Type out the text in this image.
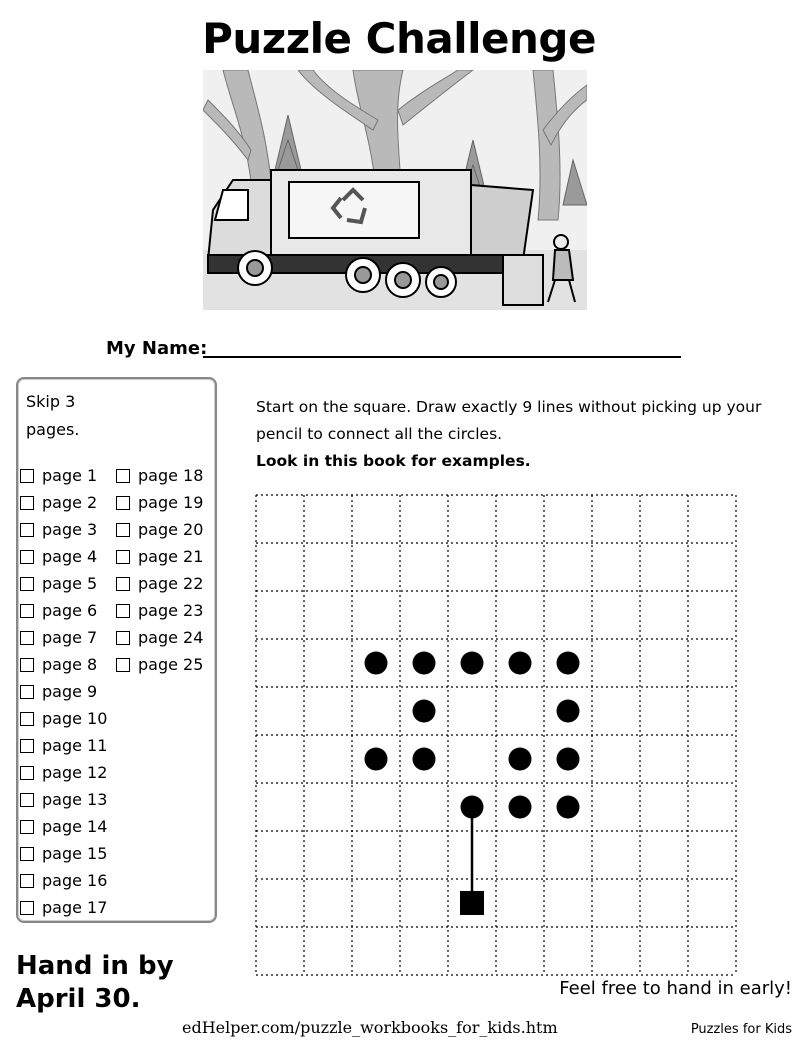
Puzzle Challenge
My Name:
Skip 3
pages.
page 1
page 2
page 3
page 4
page 5
page 6
page 7
page 8
page 9
page 10
page 11
page 12
page 13
page 14
page 15
page 16
page 17
page 18
page 19
page 20
page 21
page 22
page 23
page 24
page 25
Start on the square. Draw exactly 9 lines without picking up your
pencil to connect all the circles.
Look in this book for examples.
Hand in by
April 30.	Feel free to hand in early!
edHelper.com/puzzle_workbooks_for_kids.htm	Puzzles for Kids
